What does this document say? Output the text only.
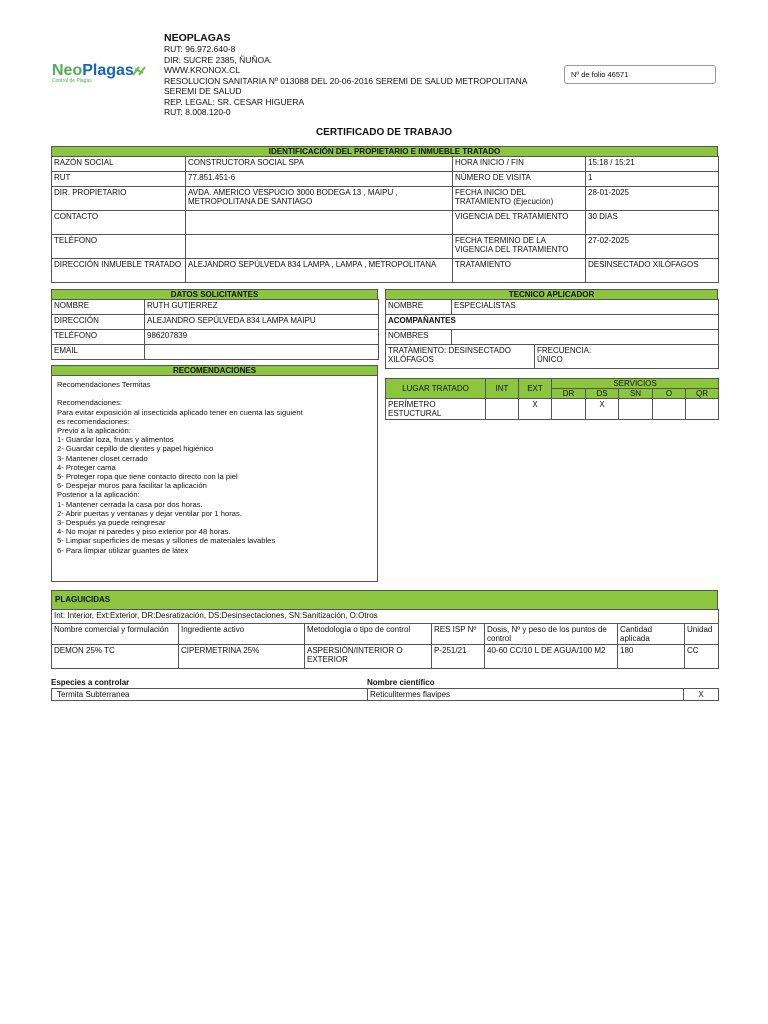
NeoPlagas
Control de Plagas
NEOPLAGAS
RUT: 96.972.640-8
DIR: SUCRE 2385, ÑUÑOA.
WWW.KRONOX.CL
RESOLUCION SANITARIA Nº 013088 DEL 20-06-2016 SEREMI DE SALUD METROPOLITANA
SEREMI DE SALUD
REP. LEGAL: SR. CESAR HIGUERA
RUT: 8.008.120-0
Nº de folio 46571
CERTIFICADO DE TRABAJO
IDENTIFICACIÓN DEL PROPIETARIO E INMUEBLE TRATADO
RAZÓN SOCIAL	CONSTRUCTORA SOCIAL SPA	HORA INICIO / FIN	15:18 / 15:21
RUT	77.851.451-6	NÚMERO DE VISITA	1
DIR. PROPIETARIO	AVDA. AMERICO VESPUCIO 3000 BODEGA 13 , MAIPU , METROPOLITANA DE SANTIAGO	FECHA INICIO DEL TRATAMIENTO (Ejecución)	28-01-2025
CONTACTO		VIGENCIA DEL TRATAMIENTO	30 DIAS
TELÉFONO		FECHA TERMINO DE LA VIGENCIA DEL TRATAMIENTO	27-02-2025
DIRECCIÓN INMUEBLE TRATADO	ALEJANDRO SEPÚLVEDA 834 LAMPA , LAMPA , METROPOLITANA	TRATAMIENTO	DESINSECTADO XILÓFAGOS
DATOS SOLICITANTES
NOMBRE	RUTH GUTIERREZ
DIRECCIÓN	ALEJANDRO SEPÚLVEDA 834 LAMPA MAIPU
TELÉFONO	986207839
EMAIL	
TECNICO APLICADOR
NOMBRE	ESPECIALISTAS	
ACOMPAÑANTES		
NOMBRES		
TRATAMIENTO: DESINSECTADO XILÓFAGOS		FRECUENCIA: ÚNICO
RECOMENDACIONES
Recomendaciones Termitas

Recomendaciones:
Para evitar exposición al insecticida aplicado tener en cuenta las siguient
es recomendaciones:
Previo a la aplicación:
1- Guardar loza, frutas y alimentos
2- Guardar cepillo de dientes y papel higiénico
3- Mantener closet cerrado
4- Proteger cama
5- Proteger ropa que tiene contacto directo con la piel
6- Despejar muros para facilitar la aplicación
Posterior a la aplicación:
1- Mantener cerrada la casa por dos horas.
2- Abrir puertas y ventanas y dejar ventilar por 1 horas.
3- Después ya puede reingresar
4- No mojar ni paredes y piso exterior por 48 horas.
5- Limpiar superficies de mesas y sillones de materiales lavables
6- Para limpiar utilizar guantes de látex
LUGAR TRATADO	INT	EXT	SERVICIOS				
			DR	DS	SN	O	QR
PERÍMETRO ESTUCTURAL		X		X			
PLAGUICIDAS
Int: Interior, Ext:Exterior, DR:Desratización, DS:Desinsectaciones, SN:Sanitización, O:Otros						
Nombre comercial y formulación	Ingrediente activo	Metodología o tipo de control	RES ISP Nº	Dosis, Nº y peso de los puntos de control	Cantidad aplicada	Unidad
DEMON 25% TC	CIPERMETRINA 25%	ASPERSIÓN/INTERIOR O EXTERIOR	P-251/21	40-60 CC/10 L DE AGUA/100 M2	180	CC
Especies a controlar	Nombre científico
Termita Subterranea	Reticulitermes flavipes	X
